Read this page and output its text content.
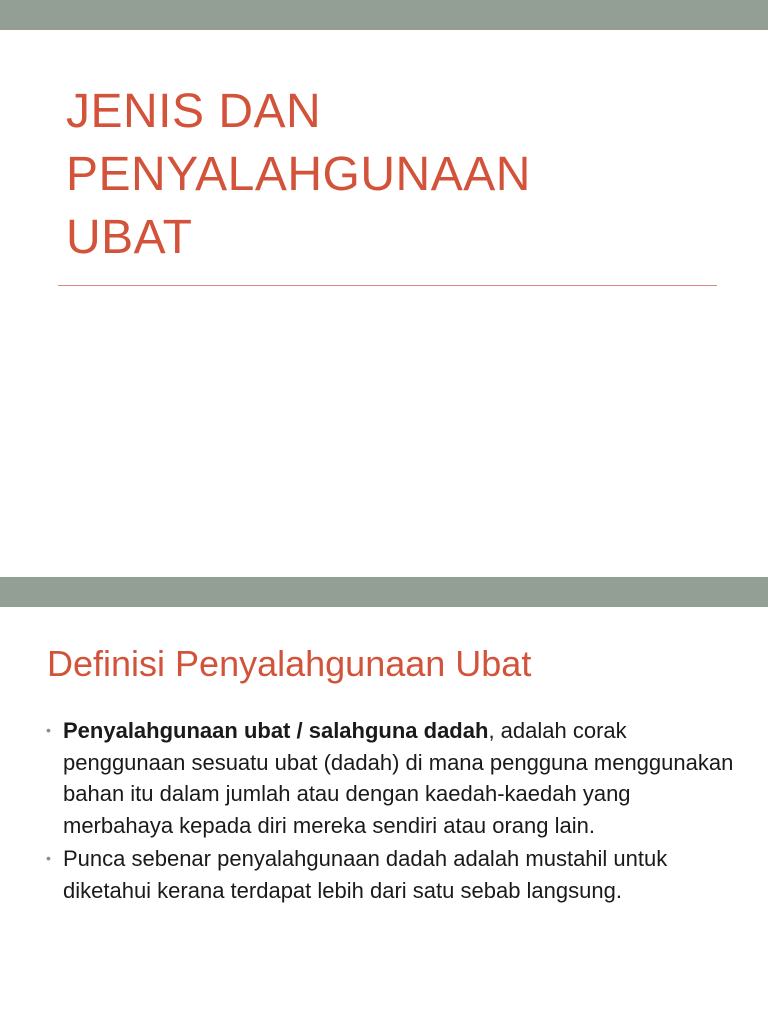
JENIS DAN
PENYALAHGUNAAN
UBAT
Definisi Penyalahgunaan Ubat
• Penyalahgunaan ubat / salahguna dadah, adalah corak penggunaan sesuatu ubat (dadah) di mana pengguna menggunakan bahan itu dalam jumlah atau dengan kaedah-kaedah yang merbahaya kepada diri mereka sendiri atau orang lain.
• Punca sebenar penyalahgunaan dadah adalah mustahil untuk diketahui kerana terdapat lebih dari satu sebab langsung.
